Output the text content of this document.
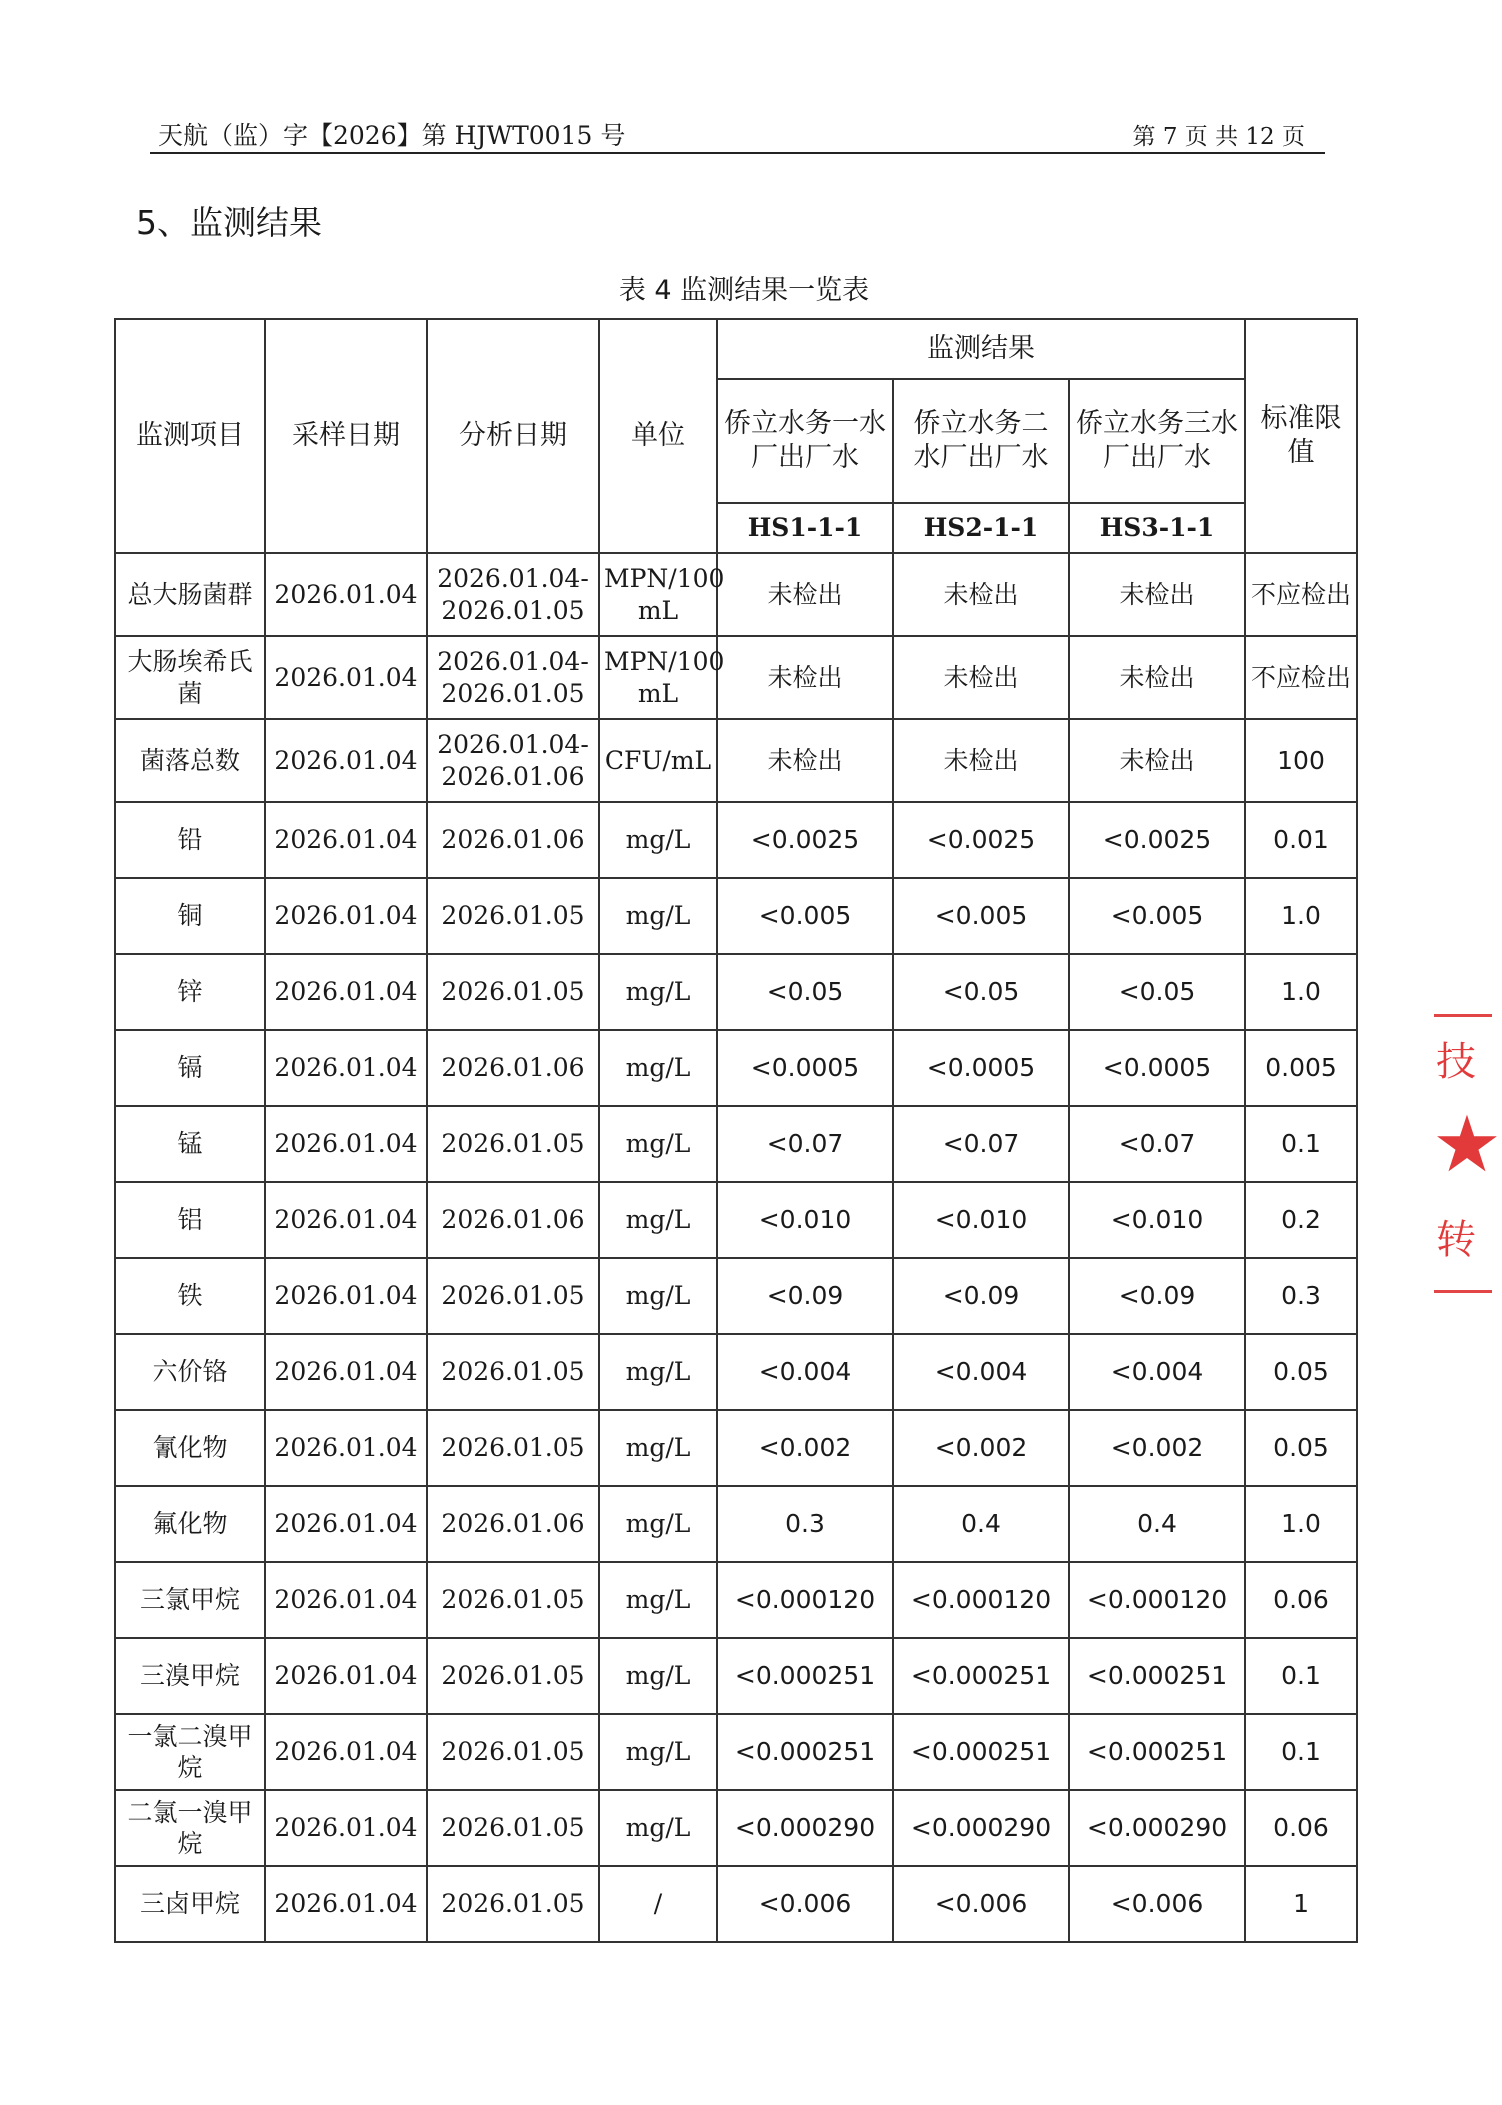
天航（监）字【2026】第 HJWT0015 号	第 7 页 共 12 页
5、监测结果
表 4 监测结果一览表
监测项目	采样日期	分析日期	单位	监测结果			标准限值
				侨立水务一水厂出厂水	侨立水务二水厂出厂水	侨立水务三水厂出厂水	
				HS1-1-1	HS2-1-1	HS3-1-1	
总大肠菌群	2026.01.04	2026.01.04-2026.01.05	MPN/100 mL	未检出	未检出	未检出	不应检出
大肠埃希氏菌	2026.01.04	2026.01.04-2026.01.05	MPN/100 mL	未检出	未检出	未检出	不应检出
菌落总数	2026.01.04	2026.01.04-2026.01.06	CFU/mL	未检出	未检出	未检出	100
铅	2026.01.04	2026.01.06	mg/L	<0.0025	<0.0025	<0.0025	0.01
铜	2026.01.04	2026.01.05	mg/L	<0.005	<0.005	<0.005	1.0
锌	2026.01.04	2026.01.05	mg/L	<0.05	<0.05	<0.05	1.0
镉	2026.01.04	2026.01.06	mg/L	<0.0005	<0.0005	<0.0005	0.005
锰	2026.01.04	2026.01.05	mg/L	<0.07	<0.07	<0.07	0.1
铝	2026.01.04	2026.01.06	mg/L	<0.010	<0.010	<0.010	0.2
铁	2026.01.04	2026.01.05	mg/L	<0.09	<0.09	<0.09	0.3
六价铬	2026.01.04	2026.01.05	mg/L	<0.004	<0.004	<0.004	0.05
氰化物	2026.01.04	2026.01.05	mg/L	<0.002	<0.002	<0.002	0.05
氟化物	2026.01.04	2026.01.06	mg/L	0.3	0.4	0.4	1.0
三氯甲烷	2026.01.04	2026.01.05	mg/L	<0.000120	<0.000120	<0.000120	0.06
三溴甲烷	2026.01.04	2026.01.05	mg/L	<0.000251	<0.000251	<0.000251	0.1
一氯二溴甲烷	2026.01.04	2026.01.05	mg/L	<0.000251	<0.000251	<0.000251	0.1
二氯一溴甲烷	2026.01.04	2026.01.05	mg/L	<0.000290	<0.000290	<0.000290	0.06
三卤甲烷	2026.01.04	2026.01.05	/	<0.006	<0.006	<0.006	1
技
★
转
